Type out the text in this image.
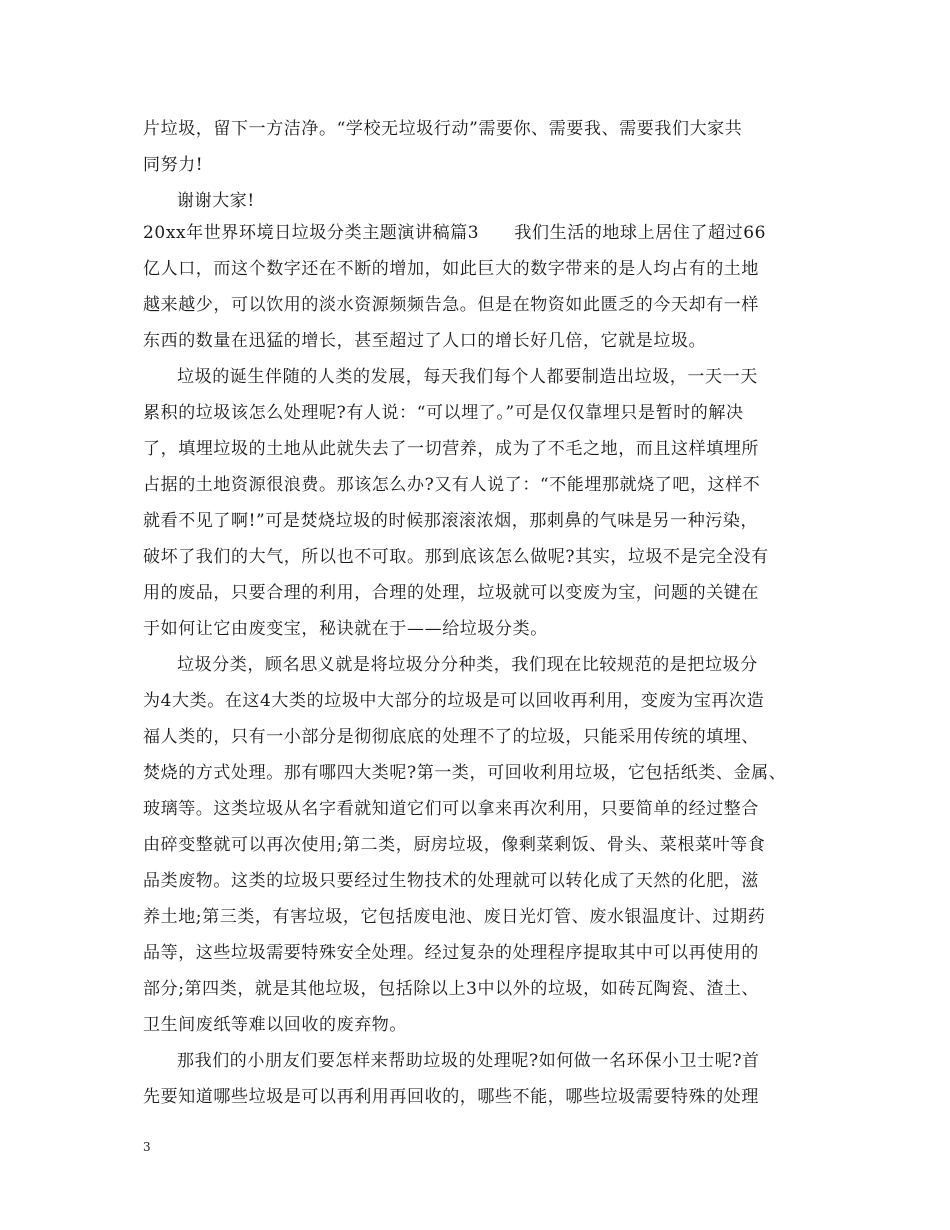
片垃圾，留下一方洁净。“学校无垃圾行动”需要你、需要我、需要我们大家共
同努力!
谢谢大家!
20xx年世界环境日垃圾分类主题演讲稿篇3　　我们生活的地球上居住了超过66
亿人口，而这个数字还在不断的增加，如此巨大的数字带来的是人均占有的土地
越来越少，可以饮用的淡水资源频频告急。但是在物资如此匮乏的今天却有一样
东西的数量在迅猛的增长，甚至超过了人口的增长好几倍，它就是垃圾。
垃圾的诞生伴随的人类的发展，每天我们每个人都要制造出垃圾，一天一天
累积的垃圾该怎么处理呢?有人说：“可以埋了。”可是仅仅靠埋只是暂时的解决
了，填埋垃圾的土地从此就失去了一切营养，成为了不毛之地，而且这样填埋所
占据的土地资源很浪费。那该怎么办?又有人说了：“不能埋那就烧了吧，这样不
就看不见了啊!”可是焚烧垃圾的时候那滚滚浓烟，那刺鼻的气味是另一种污染，
破坏了我们的大气，所以也不可取。那到底该怎么做呢?其实，垃圾不是完全没有
用的废品，只要合理的利用，合理的处理，垃圾就可以变废为宝，问题的关键在
于如何让它由废变宝，秘诀就在于——给垃圾分类。
垃圾分类，顾名思义就是将垃圾分分种类，我们现在比较规范的是把垃圾分
为4大类。在这4大类的垃圾中大部分的垃圾是可以回收再利用，变废为宝再次造
福人类的，只有一小部分是彻彻底底的处理不了的垃圾，只能采用传统的填埋、
焚烧的方式处理。那有哪四大类呢?第一类，可回收利用垃圾，它包括纸类、金属、
玻璃等。这类垃圾从名字看就知道它们可以拿来再次利用，只要简单的经过整合
由碎变整就可以再次使用;第二类，厨房垃圾，像剩菜剩饭、骨头、菜根菜叶等食
品类废物。这类的垃圾只要经过生物技术的处理就可以转化成了天然的化肥，滋
养土地;第三类，有害垃圾，它包括废电池、废日光灯管、废水银温度计、过期药
品等，这些垃圾需要特殊安全处理。经过复杂的处理程序提取其中可以再使用的
部分;第四类，就是其他垃圾，包括除以上3中以外的垃圾，如砖瓦陶瓷、渣土、
卫生间废纸等难以回收的废弃物。
那我们的小朋友们要怎样来帮助垃圾的处理呢?如何做一名环保小卫士呢?首
先要知道哪些垃圾是可以再利用再回收的，哪些不能，哪些垃圾需要特殊的处理
3
